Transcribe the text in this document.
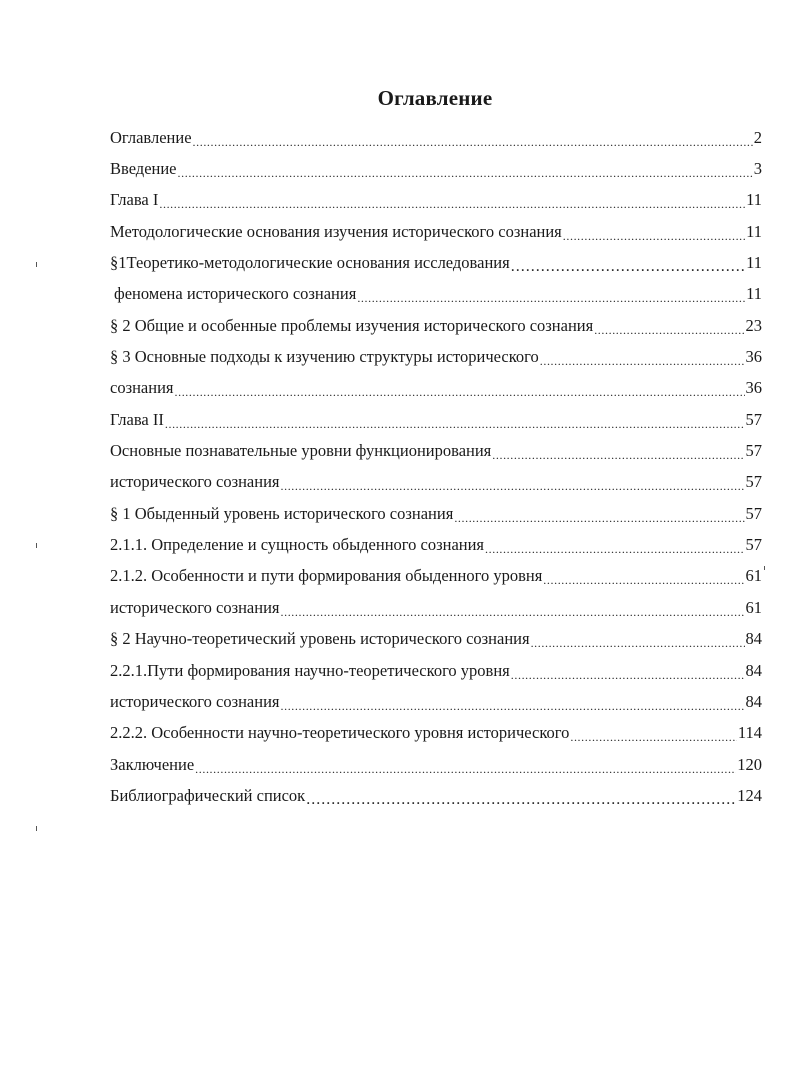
Оглавление
Оглавление .....	2
Введение .....	3
Глава I .....	11
Методологические основания изучения исторического сознания .....	11
§1Теоретико-методологические основания исследования .....	11
феномена исторического сознания .....	11
§ 2 Общие и особенные проблемы изучения исторического сознания .....	23
§ 3 Основные подходы к изучению структуры исторического .....	36
сознания .....	36
Глава II .....	57
Основные познавательные уровни функционирования .....	57
исторического сознания .....	57
§ 1 Обыденный уровень исторического сознания .....	57
2.1.1. Определение и сущность обыденного сознания .....	57
2.1.2. Особенности и пути формирования обыденного уровня .....	61
исторического сознания .....	61
§ 2 Научно-теоретический уровень исторического сознания .....	84
2.2.1.Пути формирования научно-теоретического уровня .....	84
исторического сознания .....	84
2.2.2. Особенности научно-теоретического уровня исторического .....	114
Заключение .....	120
Библиографический список .....	124
